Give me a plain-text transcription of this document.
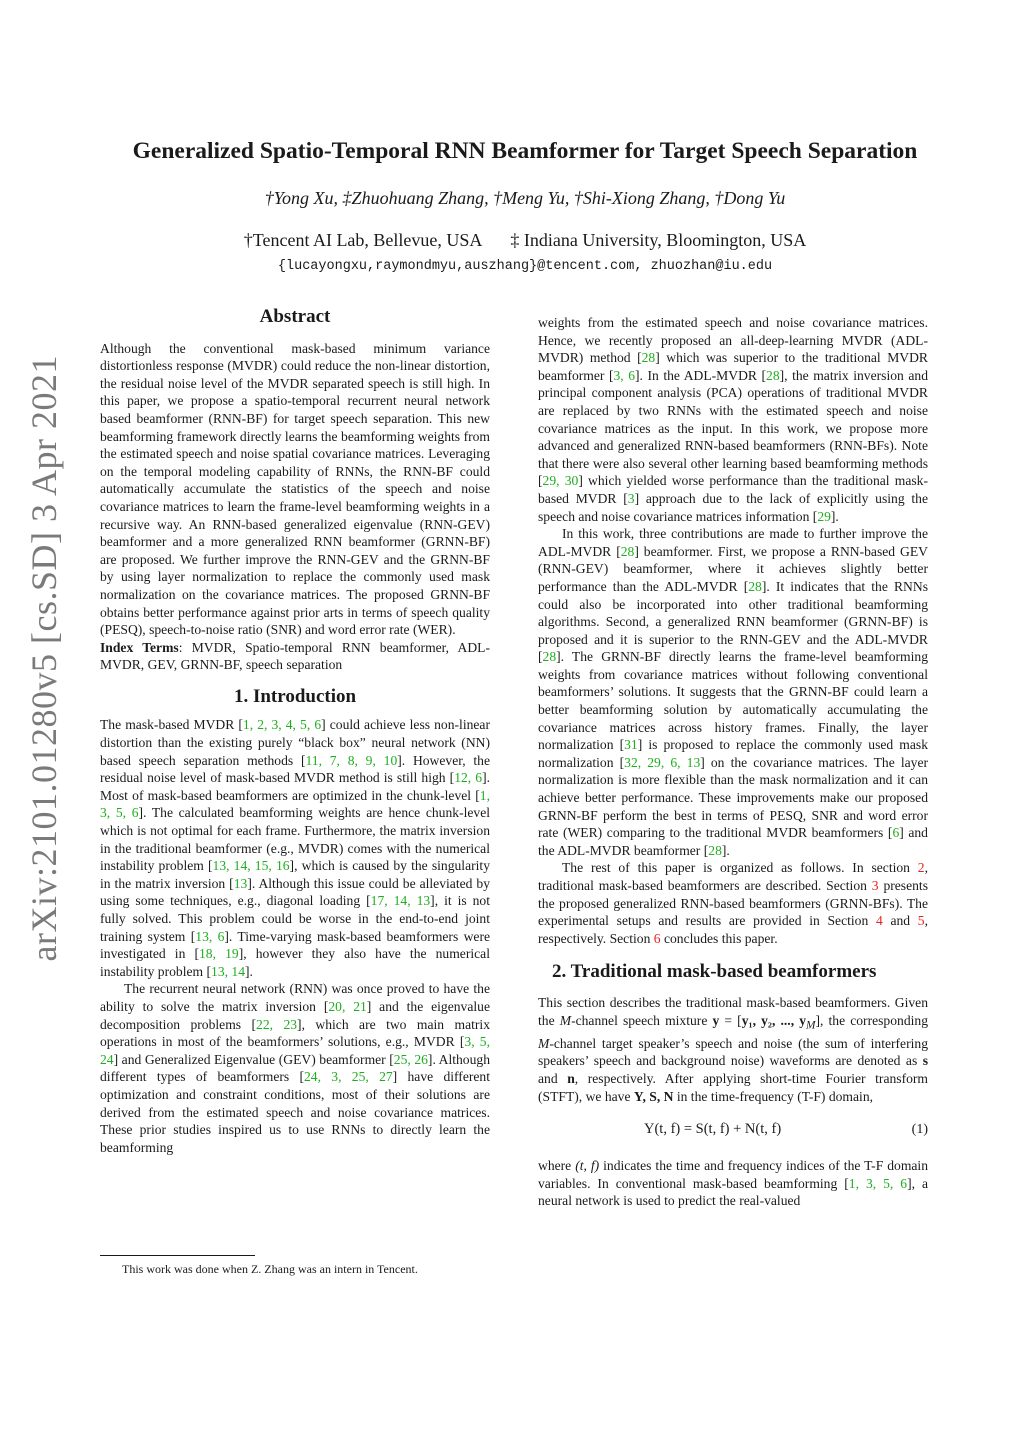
arXiv:2101.01280v5 [cs.SD] 3 Apr 2021
Generalized Spatio-Temporal RNN Beamformer for Target Speech Separation
†Yong Xu, ‡Zhuohuang Zhang, †Meng Yu, †Shi-Xiong Zhang, †Dong Yu
†Tencent AI Lab, Bellevue, USA ‡ Indiana University, Bloomington, USA
{lucayongxu,raymondmyu,auszhang}@tencent.com, zhuozhan@iu.edu
Abstract

Although the conventional mask-based minimum variance distortionless response (MVDR) could reduce the non-linear distortion, the residual noise level of the MVDR separated speech is still high. In this paper, we propose a spatio-temporal recurrent neural network based beamformer (RNN-BF) for target speech separation. This new beamforming framework directly learns the beamforming weights from the estimated speech and noise spatial covariance matrices. Leveraging on the temporal modeling capability of RNNs, the RNN-BF could automatically accumulate the statistics of the speech and noise covariance matrices to learn the frame-level beamforming weights in a recursive way. An RNN-based generalized eigenvalue (RNN-GEV) beamformer and a more generalized RNN beamformer (GRNN-BF) are proposed. We further improve the RNN-GEV and the GRNN-BF by using layer normalization to replace the commonly used mask normalization on the covariance matrices. The proposed GRNN-BF obtains better performance against prior arts in terms of speech quality (PESQ), speech-to-noise ratio (SNR) and word error rate (WER).

Index Terms: MVDR, Spatio-temporal RNN beamformer, ADL-MVDR, GEV, GRNN-BF, speech separation

1. Introduction

The mask-based MVDR [1, 2, 3, 4, 5, 6] could achieve less non-linear distortion than the existing purely “black box” neural network (NN) based speech separation methods [11, 7, 8, 9, 10]. However, the residual noise level of mask-based MVDR method is still high [12, 6]. Most of mask-based beamformers are optimized in the chunk-level [1, 3, 5, 6]. The calculated beamforming weights are hence chunk-level which is not optimal for each frame. Furthermore, the matrix inversion in the traditional beamformer (e.g., MVDR) comes with the numerical instability problem [13, 14, 15, 16], which is caused by the singularity in the matrix inversion [13]. Although this issue could be alleviated by using some techniques, e.g., diagonal loading [17, 14, 13], it is not fully solved. This problem could be worse in the end-to-end joint training system [13, 6]. Time-varying mask-based beamformers were investigated in [18, 19], however they also have the numerical instability problem [13, 14].

The recurrent neural network (RNN) was once proved to have the ability to solve the matrix inversion [20, 21] and the eigenvalue decomposition problems [22, 23], which are two main matrix operations in most of the beamformers’ solutions, e.g., MVDR [3, 5, 24] and Generalized Eigenvalue (GEV) beamformer [25, 26]. Although different types of beamformers [24, 3, 25, 27] have different optimization and constraint conditions, most of their solutions are derived from the estimated speech and noise covariance matrices. These prior studies inspired us to use RNNs to directly learn the beamforming

This work was done when Z. Zhang was an intern in Tencent.

weights from the estimated speech and noise covariance matrices. Hence, we recently proposed an all-deep-learning MVDR (ADL-MVDR) method [28] which was superior to the traditional MVDR beamformer [3, 6]. In the ADL-MVDR [28], the matrix inversion and principal component analysis (PCA) operations of traditional MVDR are replaced by two RNNs with the estimated speech and noise covariance matrices as the input. In this work, we propose more advanced and generalized RNN-based beamformers (RNN-BFs). Note that there were also several other learning based beamforming methods [29, 30] which yielded worse performance than the traditional mask-based MVDR [3] approach due to the lack of explicitly using the speech and noise covariance matrices information [29].

In this work, three contributions are made to further improve the ADL-MVDR [28] beamformer. First, we propose a RNN-based GEV (RNN-GEV) beamformer, where it achieves slightly better performance than the ADL-MVDR [28]. It indicates that the RNNs could also be incorporated into other traditional beamforming algorithms. Second, a generalized RNN beamformer (GRNN-BF) is proposed and it is superior to the RNN-GEV and the ADL-MVDR [28]. The GRNN-BF directly learns the frame-level beamforming weights from covariance matrices without following conventional beamformers’ solutions. It suggests that the GRNN-BF could learn a better beamforming solution by automatically accumulating the covariance matrices across history frames. Finally, the layer normalization [31] is proposed to replace the commonly used mask normalization [32, 29, 6, 13] on the covariance matrices. The layer normalization is more flexible than the mask normalization and it can achieve better performance. These improvements make our proposed GRNN-BF perform the best in terms of PESQ, SNR and word error rate (WER) comparing to the traditional MVDR beamformers [6] and the ADL-MVDR beamformer [28].

The rest of this paper is organized as follows. In section 2, traditional mask-based beamformers are described. Section 3 presents the proposed generalized RNN-based beamformers (GRNN-BFs). The experimental setups and results are provided in Section 4 and 5, respectively. Section 6 concludes this paper.

2. Traditional mask-based beamformers

This section describes the traditional mask-based beamformers. Given the M-channel speech mixture y = [y₁, y₂, ..., $y_M$], the corresponding M-channel target speaker’s speech and noise (the sum of interfering speakers’ speech and background noise) waveforms are denoted as s and n, respectively. After applying short-time Fourier transform (STFT), we have Y, S, N in the time-frequency (T-F) domain,

Y(t, f) = S(t, f) + N(t, f)	(1)

where (t, f) indicates the time and frequency indices of the T-F domain variables. In conventional mask-based beamforming [1, 3, 5, 6], a neural network is used to predict the real-valued
